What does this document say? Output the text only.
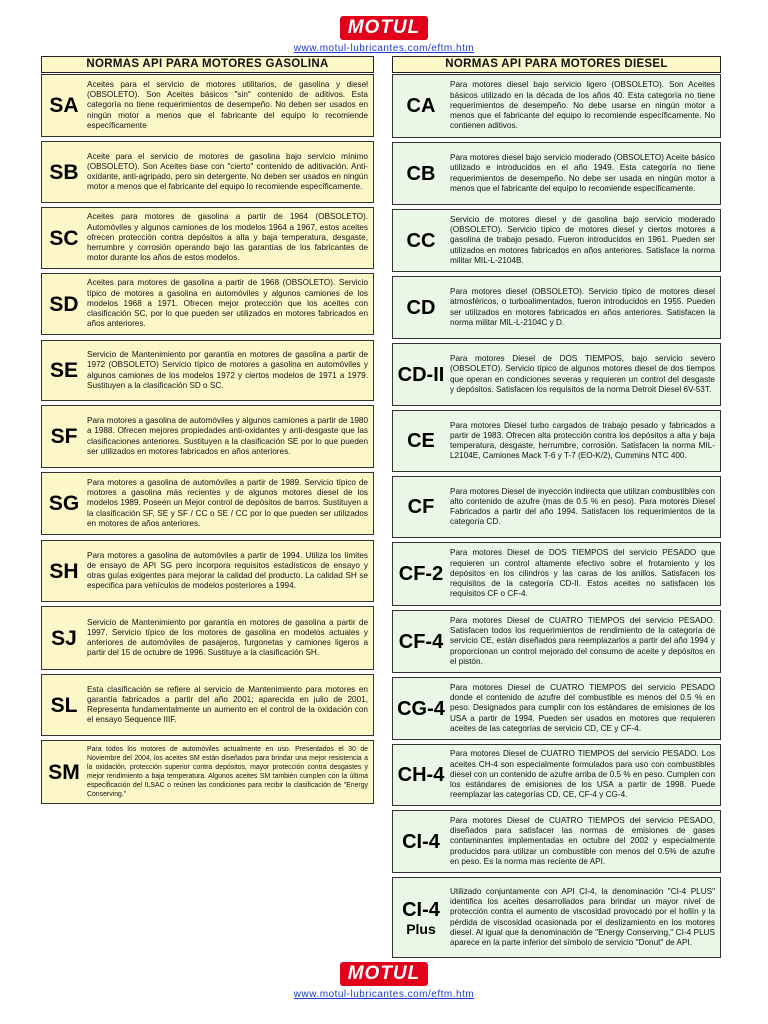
MOTUL
www.motul-lubricantes.com/eftm.htm
NORMAS API PARA MOTORES GASOLINA	NORMAS API PARA MOTORES DIESEL
SA
Aceites para el servicio de motores utilitarios, de gasolina y diesel (OBSOLETO). Son Aceites básicos "sin" contenido de aditivos. Esta categoría no tiene requerimientos de desempeño. No deben ser usados en ningún motor a menos que el fabricante del equipo lo recomiende específicamente
SB
Aceite para el servicio de motores de gasolina bajo servicio mínimo (OBSOLETO). Son Aceites base con "cierto" contenido de aditivación. Anti-oxidante, anti-agripado, pero sin detergente. No deben ser usados en ningún motor a menos que el fabricante del equipo lo recomiende específicamente.
SC
Aceites para motores de gasolina a partir de 1964 (OBSOLETO). Automóviles y algunos camiones de los modelos 1964 a 1967, estos aceites ofrecen protección contra depósitos a alta y baja temperatura, desgaste, herrumbre y corrosión operando bajo las garantías de los fabricantes de motor durante los años de estos modelos.
SD
Aceites para motores de gasolina a partir de 1968 (OBSOLETO). Servicio típico de motores a gasolina en automóviles y algunos camiones de los modelos 1968 a 1971. Ofrecen mejor protección que los aceites con clasificación SC, por lo que pueden ser utilizados en motores fabricados en años anteriores.
SE
Servicio de Mantenimiento por garantía en motores de gasolina a partir de 1972 (OBSOLETO) Servicio típico de motores a gasolina en automóviles y algunos camiones de los modelos 1972 y ciertos modelos de 1971 a 1979. Sustituyen a la clasificación SD o SC.
SF
Para motores a gasolina de automóviles y algunos camiones a partir de 1980 a 1988. Ofrecen mejores propiedades anti-oxidantes y anti-desgaste que las clasificaciones anteriores. Sustituyen a la clasificación SE por lo que pueden ser utilizados en motores fabricados en años anteriores.
SG
Para motores a gasolina de automóviles a partir de 1989. Servicio típico de motores a gasolina más recientes y de algunos motores diesel de los modelos 1989. Poseen un Mejor control de depósitos de barros. Sustituyen a la clasificación SF, SE y SF / CC o SE / CC por lo que pueden ser utilizados en motores de años anteriores.
SH
Para motores a gasolina de automóviles a partir de 1994. Utiliza los límites de ensayo de API SG pero incorpora requisitos estadísticos de ensayo y otras guías exigentes para mejorar la calidad del producto. La calidad SH se especifica para vehículos de modelos posteriores a 1994.
SJ
Servicio de Mantenimiento por garantía en motores de gasolina a partir de 1997. Servicio típico de los motores de gasolina en modelos actuales y anteriores de automóviles de pasajeros, furgonetas y camiones ligeros a partir del 15 de octubre de 1996. Sustituye a la clasificación SH.
SL
Esta clasificación se refiere al servicio de Mantenimiento para motores en garantía fabricados a partir del año 2001; aparecida en julio de 2001, Representa fundamentalmente un aumento en el control de la oxidación con el ensayo Sequence IIIF.
SM
Para todos los motores de automóviles actualmente en uso. Presentados el 30 de Noviembre del 2004, los aceites SM están diseñados para brindar una mejor resistencia a la oxidación, protección superior contra depósitos, mayor protección contra desgastes y mejor rendimiento a baja temperatura. Algunos aceites SM también cumplen con la última especificación del ILSAC o reúnen las condiciones para recibir la clasificación de "Energy Conserving."
CA
Para motores diesel bajo servicio ligero (OBSOLETO). Son Aceites básicos utilizado en la década de los años 40. Esta categoría no tiene requerimientos de desempeño. No debe usarse en ningún motor a menos que el fabricante del equipo lo recomiende específicamente. No contienen aditivos.
CB
Para motores diesel bajo servicio moderado (OBSOLETO) Aceite básico utilizado e introducidos en el año 1949. Esta categoría no tiene requerimientos de desempeño. No debe ser usada en ningún motor a menos que el fabricante del equipo lo recomiende específicamente.
CC
Servicio de motores diesel y de gasolina bajo servicio moderado (OBSOLETO). Servicio típico de motores diesel y ciertos motores a gasolina de trabajo pesado. Fueron introducidos en 1961. Pueden ser utilizados en motores fabricados en años anteriores. Satisface la norma militar MIL-L-2104B.
CD
Para motores diesel (OBSOLETO). Servicio típico de motores diesel atmosféricos, o turboalimentados, fueron introducidos en 1955. Pueden ser utilizados en motores fabricados en años anteriores. Satisfacen la norma militar MIL-L-2104C y D.
CD-II
Para motores Diesel de DOS TIEMPOS, bajo servicio severo (OBSOLETO). Servicio típico de algunos motores diesel de dos tiempos que operan en condiciones severas y requieren un control del desgaste y depósitos. Satisfacen los requisitos de la norma Detroit Diesel 6V-53T.
CE
Para motores Diesel turbo cargados de trabajo pesado y fabricados a partir de 1983. Ofrecen alta protección contra los depósitos a alta y baja temperatura, desgaste, herrumbre, corrosión. Satisfacen la norma MIL-L2104E, Camiones Mack T-6 y T-7 (EO-K/2), Cummins NTC 400.
CF
Para motores Diesel de inyección indirecta que utilizan combustibles con alto contenido de azufre (mas de 0.5 % en peso). Para motores Diesel Fabricados a partir del año 1994. Satisfacen los requerimientos de la categoría CD.
CF-2
Para motores Diesel de DOS TIEMPOS del servicio PESADO que requieren un control altamente efectivo sobre el frotamiento y los depósitos en los cilindros y las caras de los anillos. Satisfacen los requisitos de la categoría CD-II. Estos aceites no satisfacen los requisitos CF o CF-4.
CF-4
Para motores Diesel de CUATRO TIEMPOS del servicio PESADO. Satisfacen todos los requerimientos de rendimiento de la categoría de servicio CE, están diseñados para reemplazarlos a partir del año 1994 y proporcionan un control mejorado del consumo de aceite y depósitos en el pistón.
CG-4
Para motores Diesel de CUATRO TIEMPOS del servicio PESADO donde el contenido de azufre del combustible es menos del 0.5 % en peso. Designados para cumplir con los estándares de emisiones de los USA a partir de 1994. Pueden ser usados en motores que requieren aceites de las categorías de servicio CD, CE y CF-4.
CH-4
Para motores Diesel de CUATRO TIEMPOS del servicio PESADO. Los aceites CH-4 son especialmente formulados para uso con combustibles diesel con un contenido de azufre arriba de 0.5 % en peso. Cumplen con los estándares de emisiones de los USA a partir de 1998. Puede reemplazar las categorías CD, CE, CF-4 y CG-4.
CI-4
Para motores Diesel de CUATRO TIEMPOS del servicio PESADO, diseñados para satisfacer las normas de emisiones de gases contaminantes implementadas en octubre del 2002 y especialmente producidos para utilizar un combustible con menos del 0.5% de azufre en peso. Es la norma mas reciente de API.
CI-4
Plus
Utilizado conjuntamente con API CI-4, la denominación "CI-4 PLUS" identifica los aceites desarrollados para brindar un mayor nivel de protección contra el aumento de viscosidad provocado por el hollín y la pérdida de viscosidad ocasionada por el deslizamiento en los motores diesel. Al igual que la denominación de "Energy Conserving," CI-4 PLUS aparece en la parte inferior del símbolo de servicio "Donut" de API.
MOTUL
www.motul-lubricantes.com/eftm.htm
